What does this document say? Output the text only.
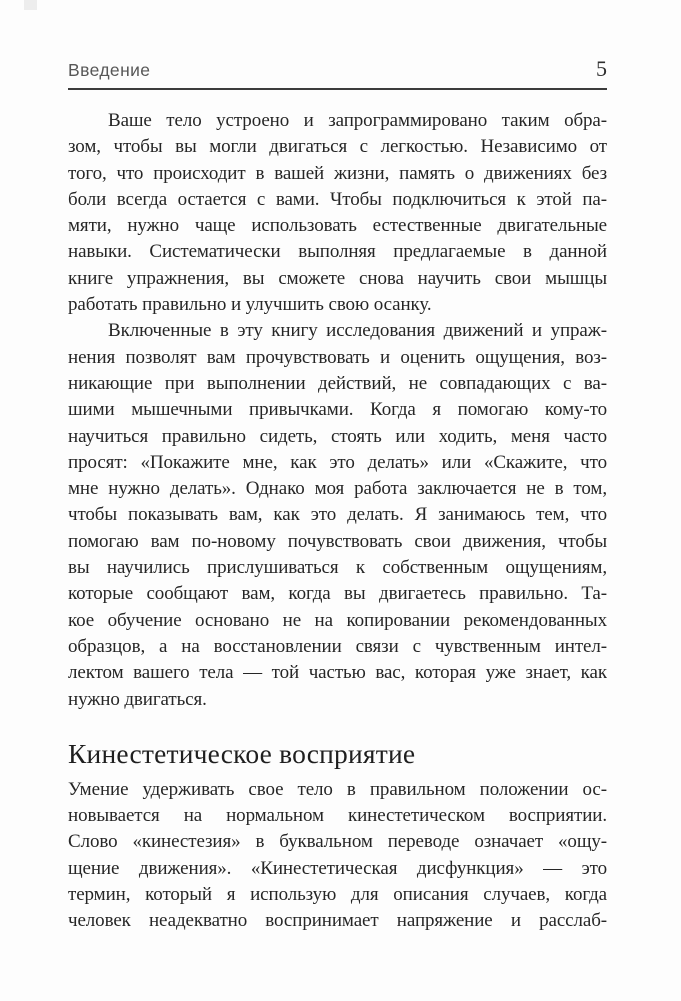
Введение	5
Ваше тело устроено и запрограммировано таким обра-
зом, чтобы вы могли двигаться с легкостью. Независимо от
того, что происходит в вашей жизни, память о движениях без
боли всегда остается с вами. Чтобы подключиться к этой па-
мяти, нужно чаще использовать естественные двигательные
навыки. Систематически выполняя предлагаемые в данной
книге упражнения, вы сможете снова научить свои мышцы
работать правильно и улучшить свою осанку.
Включенные в эту книгу исследования движений и упраж-
нения позволят вам прочувствовать и оценить ощущения, воз-
никающие при выполнении действий, не совпадающих с ва-
шими мышечными привычками. Когда я помогаю кому-то
научиться правильно сидеть, стоять или ходить, меня часто
просят: «Покажите мне, как это делать» или «Скажите, что
мне нужно делать». Однако моя работа заключается не в том,
чтобы показывать вам, как это делать. Я занимаюсь тем, что
помогаю вам по-новому почувствовать свои движения, чтобы
вы научились прислушиваться к собственным ощущениям,
которые сообщают вам, когда вы двигаетесь правильно. Та-
кое обучение основано не на копировании рекомендованных
образцов, а на восстановлении связи с чувственным интел-
лектом вашего тела — той частью вас, которая уже знает, как
нужно двигаться.
Кинестетическое восприятие
Умение удерживать свое тело в правильном положении ос-
новывается на нормальном кинестетическом восприятии.
Слово «кинестезия» в буквальном переводе означает «ощу-
щение движения». «Кинестетическая дисфункция» — это
термин, который я использую для описания случаев, когда
человек неадекватно воспринимает напряжение и расслаб-
